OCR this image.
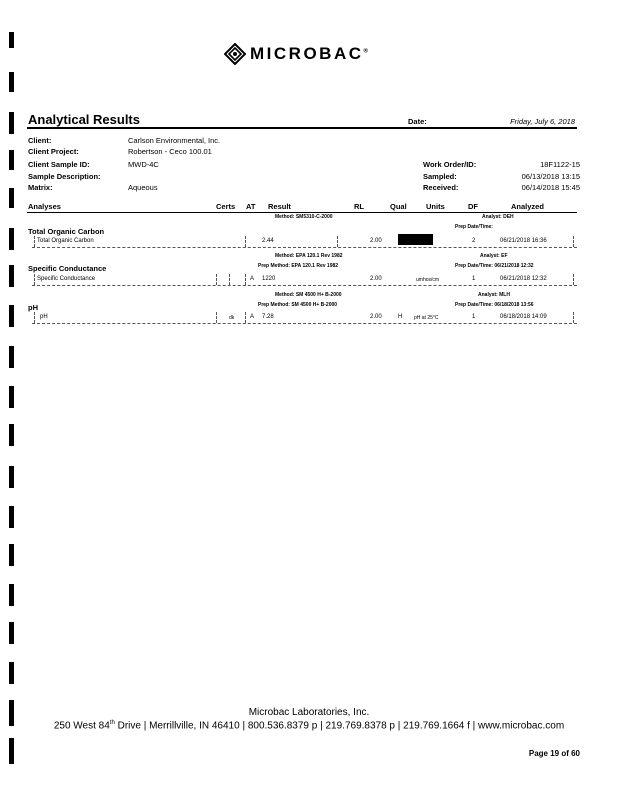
MICROBAC®
Analytical Results	Date:	Friday, July 6, 2018
Client:	Carlson Environmental, Inc.
Client Project:	Robertson - Ceco 100.01
Client Sample ID:	MWD-4C
Sample Description:
Matrix:	Aqueous
Work Order/ID:	18F1122-15
Sampled:	06/13/2018 13:15
Received:	06/14/2018 15:45
Analyses	Certs AT Result	RL	Qual	Units	DF	Analyzed
Method: SM5310-C-2000	Analyst: DEH
Total Organic Carbon	Prep Date/Time:
Total Organic Carbon	2.44	2.00	2	06/21/2018 16:36
Method: EPA 120.1 Rev 1982	Analyst: EF
Prep Method: EPA 120.1 Rev 1982	Prep Date/Time: 06/21/2018 12:32
Specific Conductance
Specific Conductance	A 1220	2.00	umhos/cm	1	06/21/2018 12:32
Method: SM 4500 H+ B-2000	Analyst: MLH
Prep Method: SM 4500 H+ B-2000	Prep Date/Time: 06/18/2018 13:56
pH
pH	dk	A 7.28	2.00	H pH at 25°C	1	06/18/2018 14:09
Microbac Laboratories, Inc.
250 West 84th Drive | Merrillville, IN 46410 | 800.536.8379 p | 219.769.8378 p | 219.769.1664 f | www.microbac.com
Page 19 of 60
